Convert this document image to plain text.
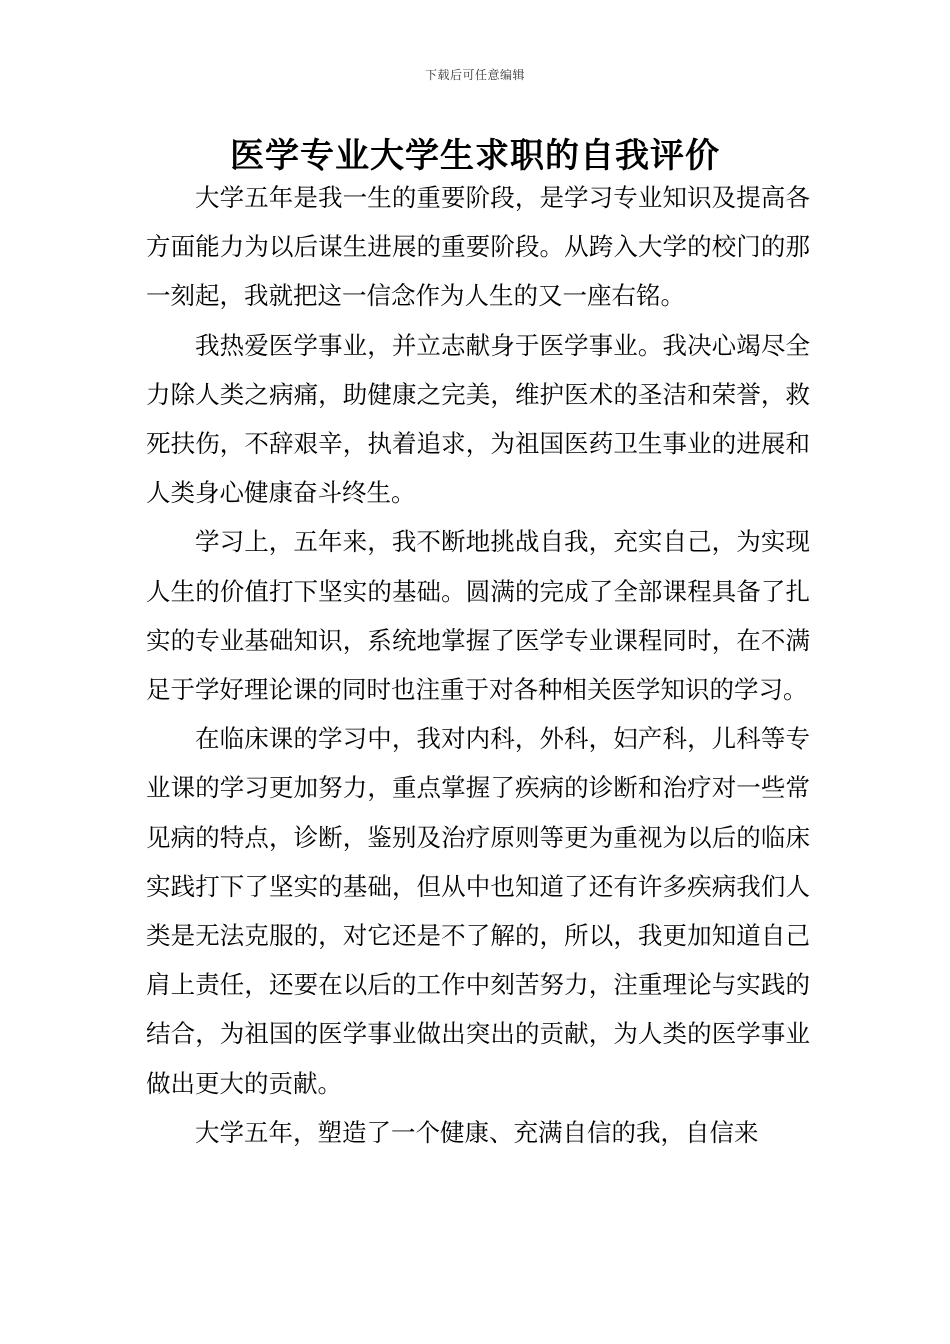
下载后可任意编辑
医学专业大学生求职的自我评价

大学五年是我一生的重要阶段，是学习专业知识及提高各方面能力为以后谋生进展的重要阶段。从跨入大学的校门的那一刻起，我就把这一信念作为人生的又一座右铭。

我热爱医学事业，并立志献身于医学事业。我决心竭尽全力除人类之病痛，助健康之完美，维护医术的圣洁和荣誉，救死扶伤，不辞艰辛，执着追求，为祖国医药卫生事业的进展和人类身心健康奋斗终生。

学习上，五年来，我不断地挑战自我，充实自己，为实现人生的价值打下坚实的基础。圆满的完成了全部课程具备了扎实的专业基础知识，系统地掌握了医学专业课程同时，在不满足于学好理论课的同时也注重于对各种相关医学知识的学习。

在临床课的学习中，我对内科，外科，妇产科，儿科等专业课的学习更加努力，重点掌握了疾病的诊断和治疗对一些常见病的特点，诊断，鉴别及治疗原则等更为重视为以后的临床实践打下了坚实的基础，但从中也知道了还有许多疾病我们人类是无法克服的，对它还是不了解的，所以，我更加知道自己肩上责任，还要在以后的工作中刻苦努力，注重理论与实践的结合，为祖国的医学事业做出突出的贡献，为人类的医学事业做出更大的贡献。

大学五年，塑造了一个健康、充满自信的我，自信来
